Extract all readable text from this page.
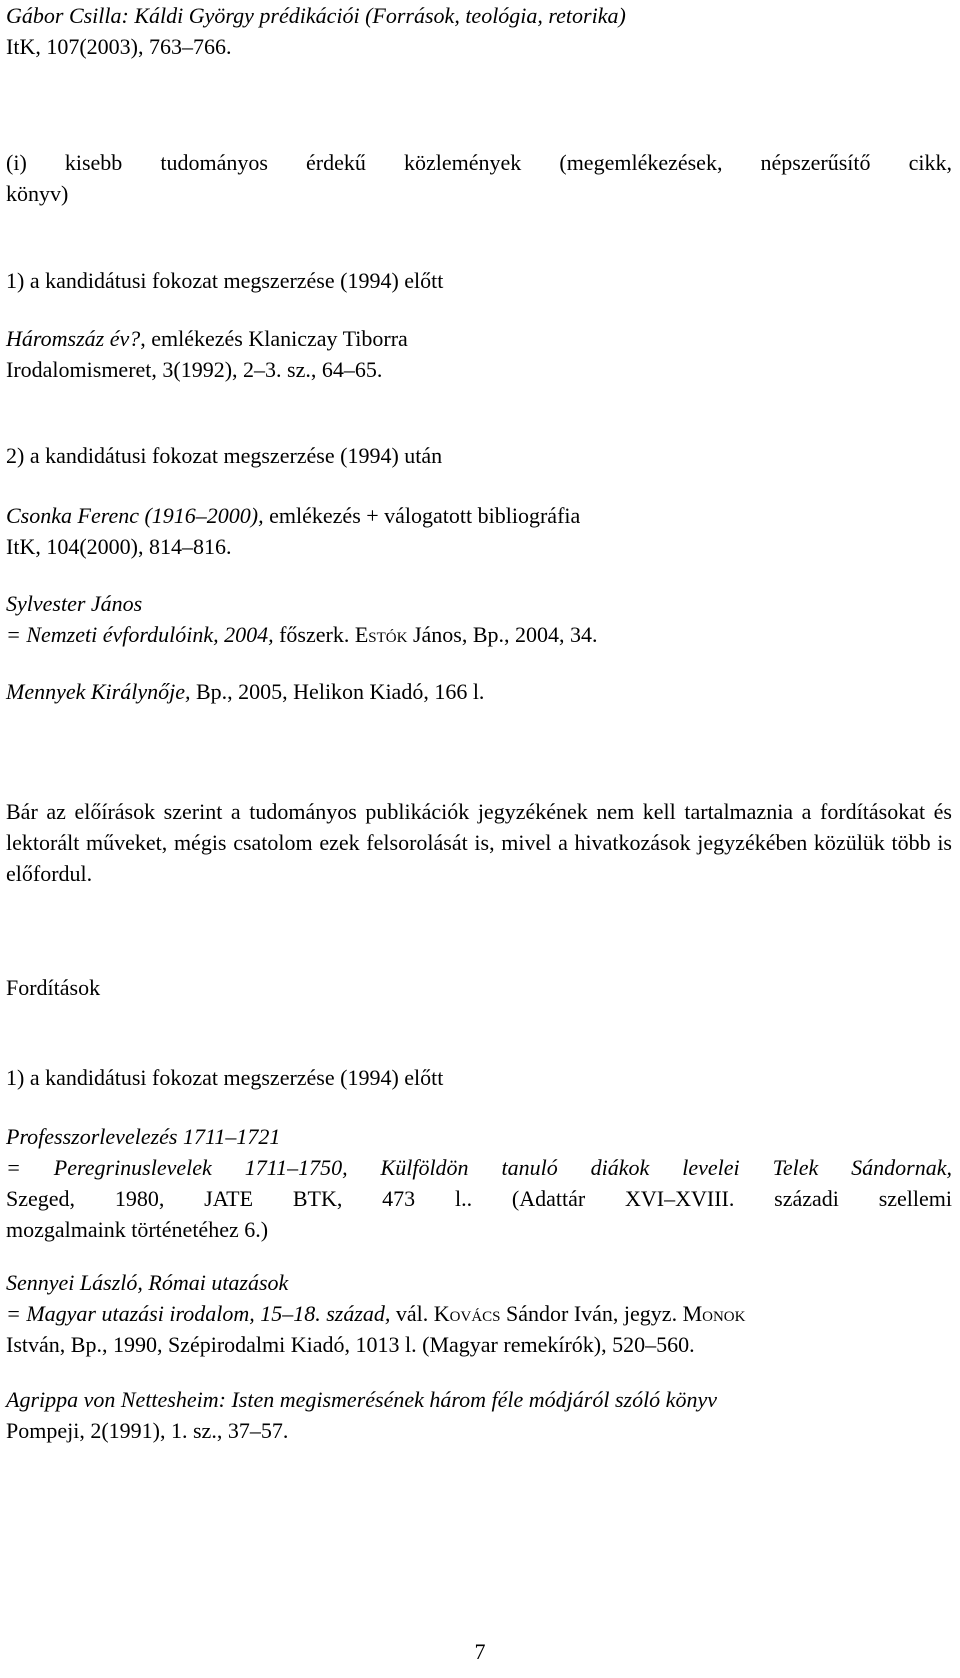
Gábor Csilla: Káldi György prédikációi (Források, teológia, retorika)
ItK, 107(2003), 763–766.

(i) kisebb tudományos érdekű közlemények (megemlékezések, népszerűsítő cikk,
könyv)

1) a kandidátusi fokozat megszerzése (1994) előtt

Háromszáz év?, emlékezés Klaniczay Tiborra
Irodalomismeret, 3(1992), 2–3. sz., 64–65.

2) a kandidátusi fokozat megszerzése (1994) után

Csonka Ferenc (1916–2000), emlékezés + válogatott bibliográfia
ItK, 104(2000), 814–816.

Sylvester János
= Nemzeti évfordulóink, 2004, főszerk. Estók János, Bp., 2004, 34.

Mennyek Királynője, Bp., 2005, Helikon Kiadó, 166 l.

Bár az előírások szerint a tudományos publikációk jegyzékének nem kell tartalmaznia a fordításokat és lektorált műveket, mégis csatolom ezek felsorolását is, mivel a hivatkozások jegyzékében közülük több is előfordul.

Fordítások

1) a kandidátusi fokozat megszerzése (1994) előtt

Professzorlevelezés 1711–1721
= Peregrinuslevelek 1711–1750, Külföldön tanuló diákok levelei Telek Sándornak,
Szeged, 1980, JATE BTK, 473 l.. (Adattár XVI–XVIII. századi szellemi
mozgalmaink történetéhez 6.)

Sennyei László, Római utazások
= Magyar utazási irodalom, 15–18. század, vál. Kovács Sándor Iván, jegyz. Monok
István, Bp., 1990, Szépirodalmi Kiadó, 1013 l. (Magyar remekírók), 520–560.

Agrippa von Nettesheim: Isten megismerésének három féle módjáról szóló könyv
Pompeji, 2(1991), 1. sz., 37–57.

7
